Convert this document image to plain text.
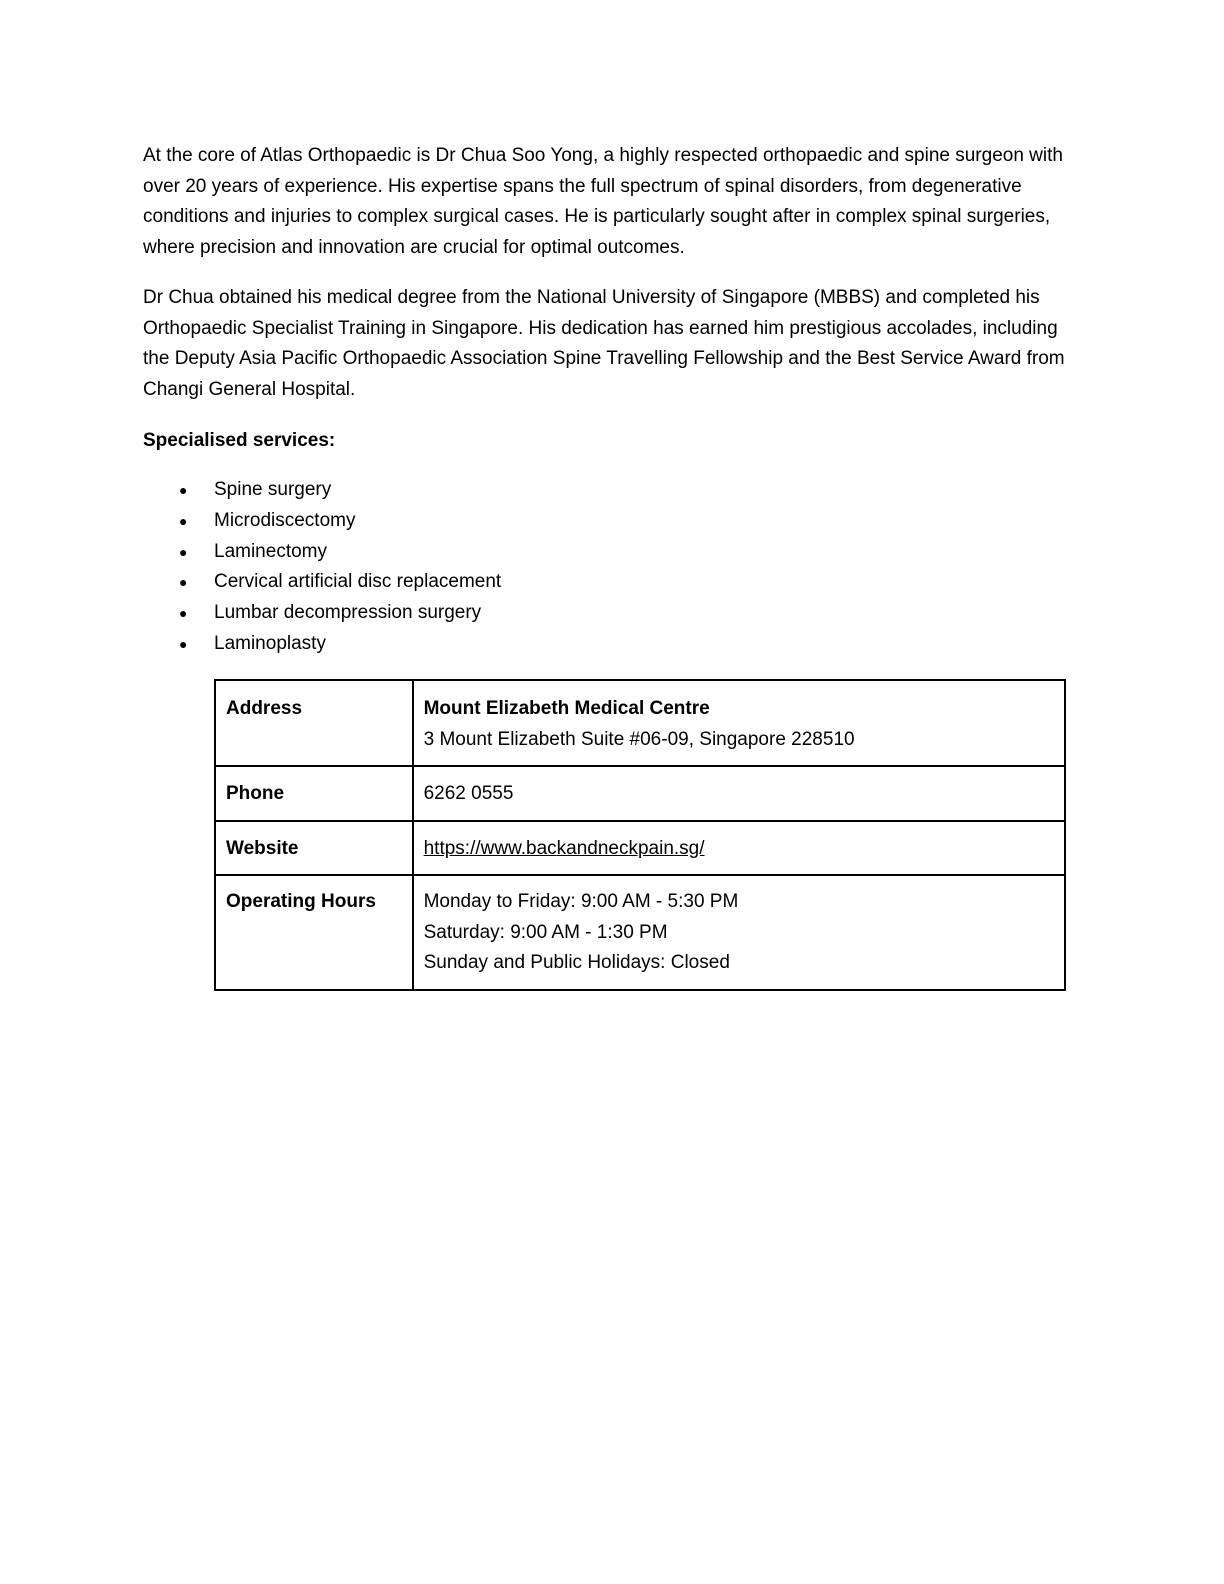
At the core of Atlas Orthopaedic is Dr Chua Soo Yong, a highly respected orthopaedic and spine surgeon with over 20 years of experience. His expertise spans the full spectrum of spinal disorders, from degenerative conditions and injuries to complex surgical cases. He is particularly sought after in complex spinal surgeries, where precision and innovation are crucial for optimal outcomes.

Dr Chua obtained his medical degree from the National University of Singapore (MBBS) and completed his Orthopaedic Specialist Training in Singapore. His dedication has earned him prestigious accolades, including the Deputy Asia Pacific Orthopaedic Association Spine Travelling Fellowship and the Best Service Award from Changi General Hospital.

Specialised services:

● Spine surgery
● Microdiscectomy
● Laminectomy
● Cervical artificial disc replacement
● Lumbar decompression surgery
● Laminoplasty
Address	Mount Elizabeth Medical Centre
3 Mount Elizabeth Suite #06-09, Singapore 228510

Phone	6262 0555
Website	https://www.backandneckpain.sg/
Operating Hours	Monday to Friday: 9:00 AM - 5:30 PM
Saturday: 9:00 AM - 1:30 PM
Sunday and Public Holidays: Closed
